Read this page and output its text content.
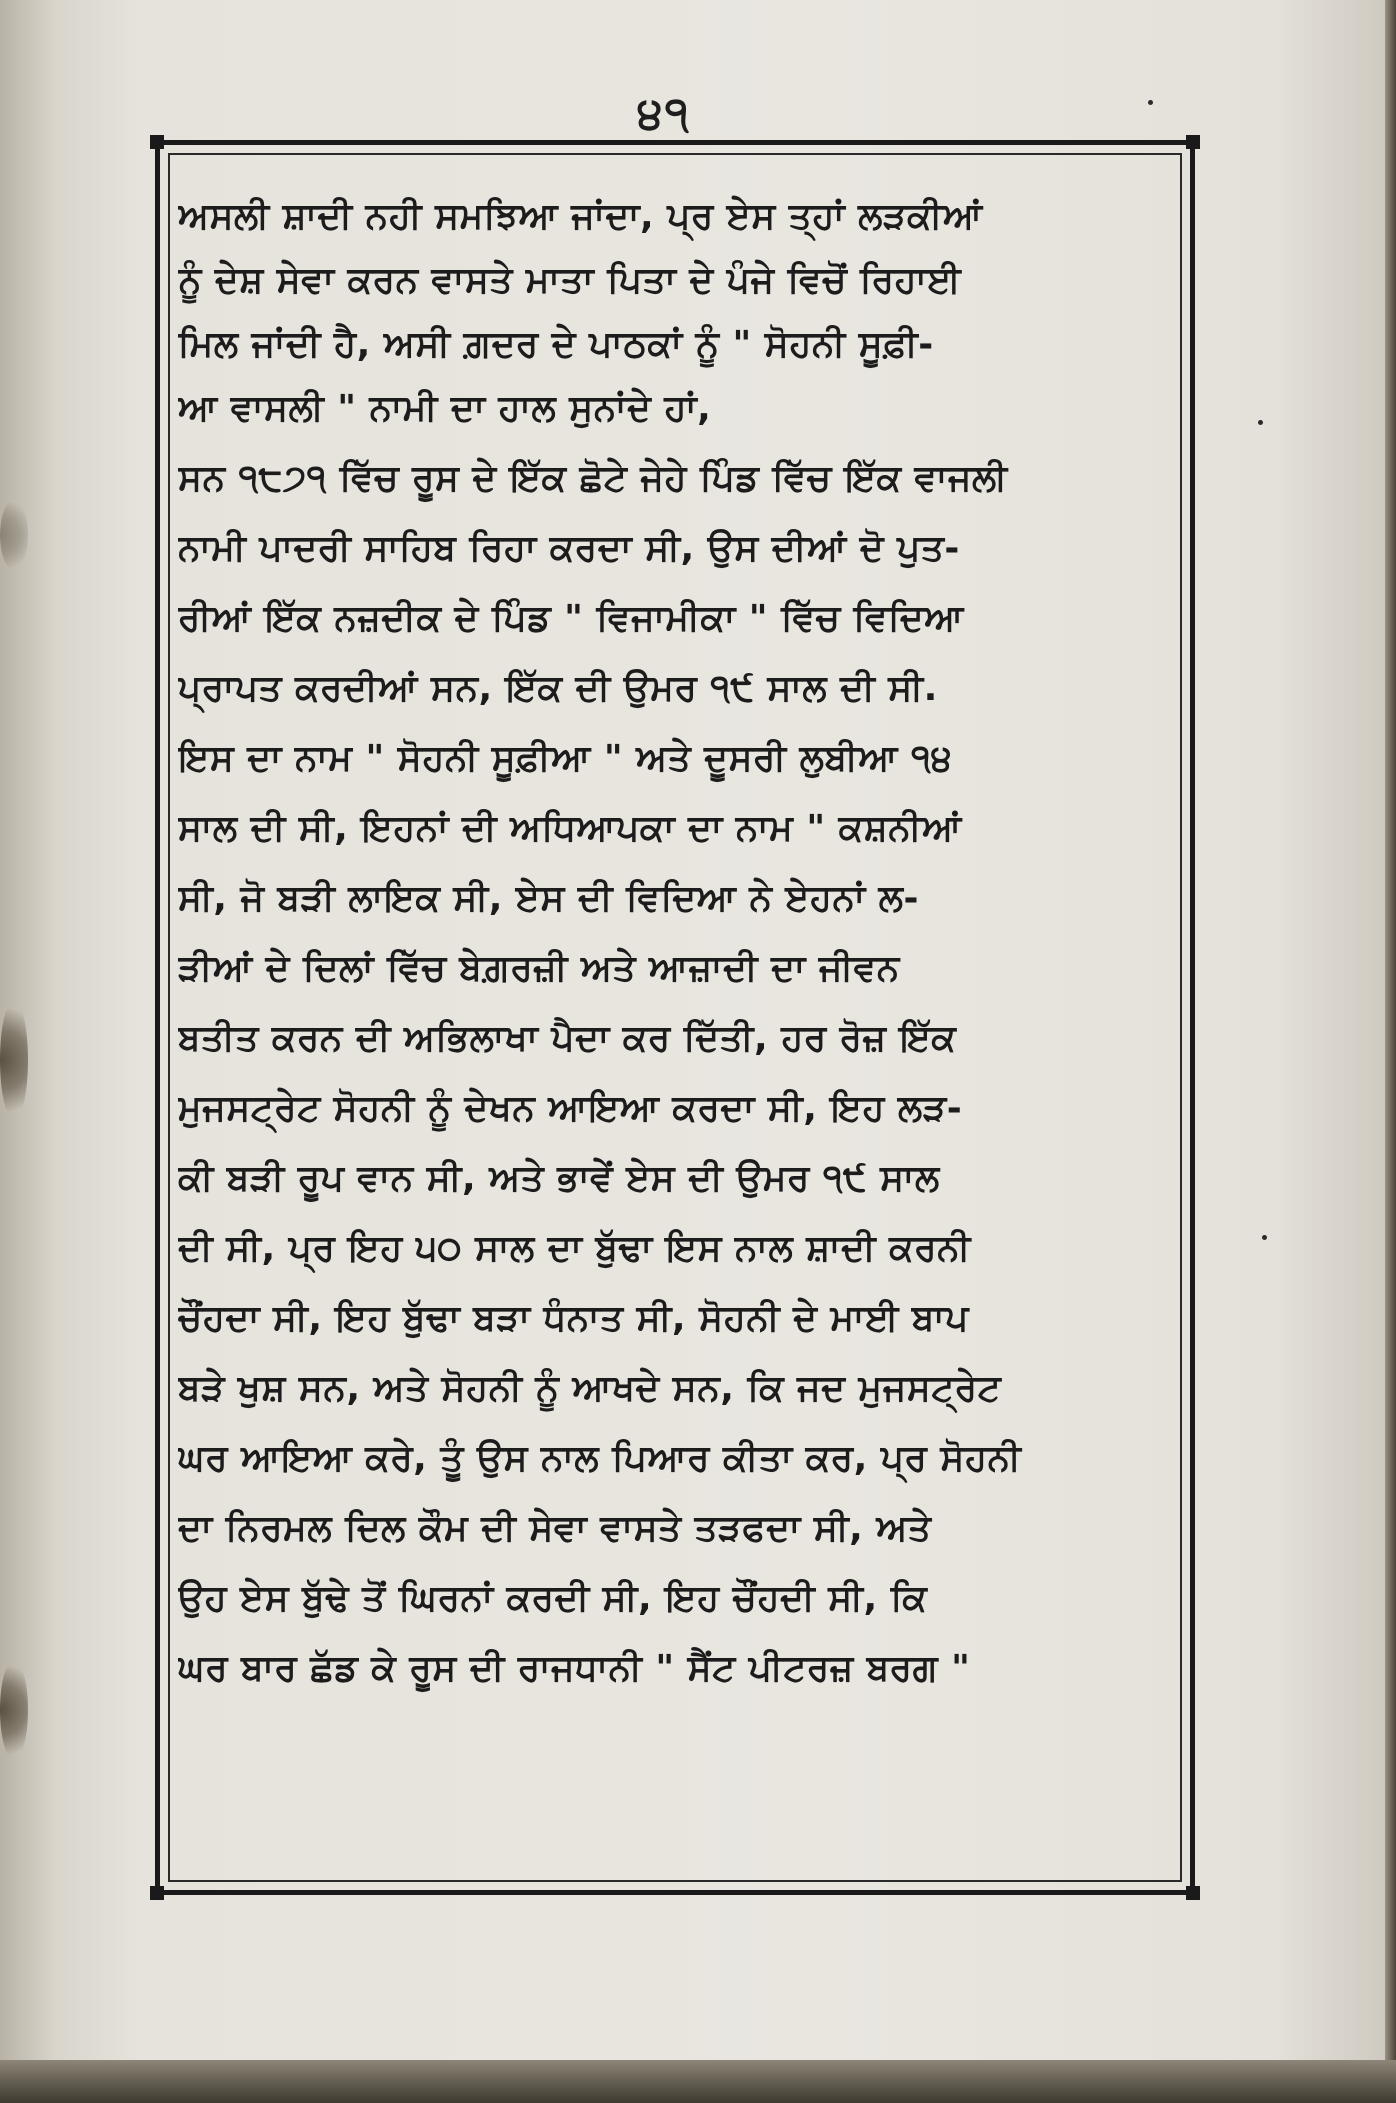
੪੧
ਅਸਲੀ ਸ਼ਾਦੀ ਨਹੀ ਸਮਝਿਆ ਜਾਂਦਾ, ਪ੍ਰ ਏਸ ਤ੍ਹਾਂ ਲੜਕੀਆਂ
ਨੂੰ ਦੇਸ਼ ਸੇਵਾ ਕਰਨ ਵਾਸਤੇ ਮਾਤਾ ਪਿਤਾ ਦੇ ਪੰਜੇ ਵਿਚੋਂ ਰਿਹਾਈ
ਮਿਲ ਜਾਂਦੀ ਹੈ, ਅਸੀ ਗ਼ਦਰ ਦੇ ਪਾਠਕਾਂ ਨੂੰ " ਸੋਹਨੀ ਸੂਫ਼ੀ-
ਆ ਵਾਸਲੀ " ਨਾਮੀ ਦਾ ਹਾਲ ਸੁਨਾਂਦੇ ਹਾਂ,
ਸਨ ੧੮੭੧ ਵਿੱਚ ਰੂਸ ਦੇ ਇੱਕ ਛੋਟੇ ਜੇਹੇ ਪਿੰਡ ਵਿੱਚ ਇੱਕ ਵਾਜਲੀ
ਨਾਮੀ ਪਾਦਰੀ ਸਾਹਿਬ ਰਿਹਾ ਕਰਦਾ ਸੀ, ਉਸ ਦੀਆਂ ਦੋ ਪੁਤ-
ਰੀਆਂ ਇੱਕ ਨਜ਼ਦੀਕ ਦੇ ਪਿੰਡ " ਵਿਜਾਮੀਕਾ " ਵਿੱਚ ਵਿਦਿਆ
ਪ੍ਰਾਪਤ ਕਰਦੀਆਂ ਸਨ, ਇੱਕ ਦੀ ਉਮਰ ੧੯ ਸਾਲ ਦੀ ਸੀ.
ਇਸ ਦਾ ਨਾਮ " ਸੋਹਨੀ ਸੂਫ਼ੀਆ " ਅਤੇ ਦੂਸਰੀ ਲੁਬੀਆ ੧੪
ਸਾਲ ਦੀ ਸੀ, ਇਹਨਾਂ ਦੀ ਅਧਿਆਪਕਾ ਦਾ ਨਾਮ " ਕਸ਼ਨੀਆਂ
ਸੀ, ਜੋ ਬੜੀ ਲਾਇਕ ਸੀ, ਏਸ ਦੀ ਵਿਦਿਆ ਨੇ ਏਹਨਾਂ ਲ-
ੜੀਆਂ ਦੇ ਦਿਲਾਂ ਵਿੱਚ ਬੇਗ਼ਰਜ਼ੀ ਅਤੇ ਆਜ਼ਾਦੀ ਦਾ ਜੀਵਨ
ਬਤੀਤ ਕਰਨ ਦੀ ਅਭਿਲਾਖਾ ਪੈਦਾ ਕਰ ਦਿੱਤੀ, ਹਰ ਰੋਜ਼ ਇੱਕ
ਮੁਜਸਟ੍ਰੇਟ ਸੋਹਨੀ ਨੂੰ ਦੇਖਨ ਆਇਆ ਕਰਦਾ ਸੀ, ਇਹ ਲੜ-
ਕੀ ਬੜੀ ਰੂਪ ਵਾਨ ਸੀ, ਅਤੇ ਭਾਵੇਂ ਏਸ ਦੀ ਉਮਰ ੧੯ ਸਾਲ
ਦੀ ਸੀ, ਪ੍ਰ ਇਹ ੫੦ ਸਾਲ ਦਾ ਬੁੱਢਾ ਇਸ ਨਾਲ ਸ਼ਾਦੀ ਕਰਨੀ
ਚੌਂਹਦਾ ਸੀ, ਇਹ ਬੁੱਢਾ ਬੜਾ ਧੰਨਾਤ ਸੀ, ਸੋਹਨੀ ਦੇ ਮਾਈ ਬਾਪ
ਬੜੇ ਖੁਸ਼ ਸਨ, ਅਤੇ ਸੋਹਨੀ ਨੂੰ ਆਖਦੇ ਸਨ, ਕਿ ਜਦ ਮੁਜਸਟ੍ਰੇਟ
ਘਰ ਆਇਆ ਕਰੇ, ਤੂੰ ਉਸ ਨਾਲ ਪਿਆਰ ਕੀਤਾ ਕਰ, ਪ੍ਰ ਸੋਹਨੀ
ਦਾ ਨਿਰਮਲ ਦਿਲ ਕੌਮ ਦੀ ਸੇਵਾ ਵਾਸਤੇ ਤੜਫਦਾ ਸੀ, ਅਤੇ
ਉਹ ਏਸ ਬੁੱਢੇ ਤੋਂ ਘਿਰਨਾਂ ਕਰਦੀ ਸੀ, ਇਹ ਚੌਂਹਦੀ ਸੀ, ਕਿ
ਘਰ ਬਾਰ ਛੱਡ ਕੇ ਰੂਸ ਦੀ ਰਾਜਧਾਨੀ " ਸੈਂਟ ਪੀਟਰਜ਼ ਬਰਗ "
